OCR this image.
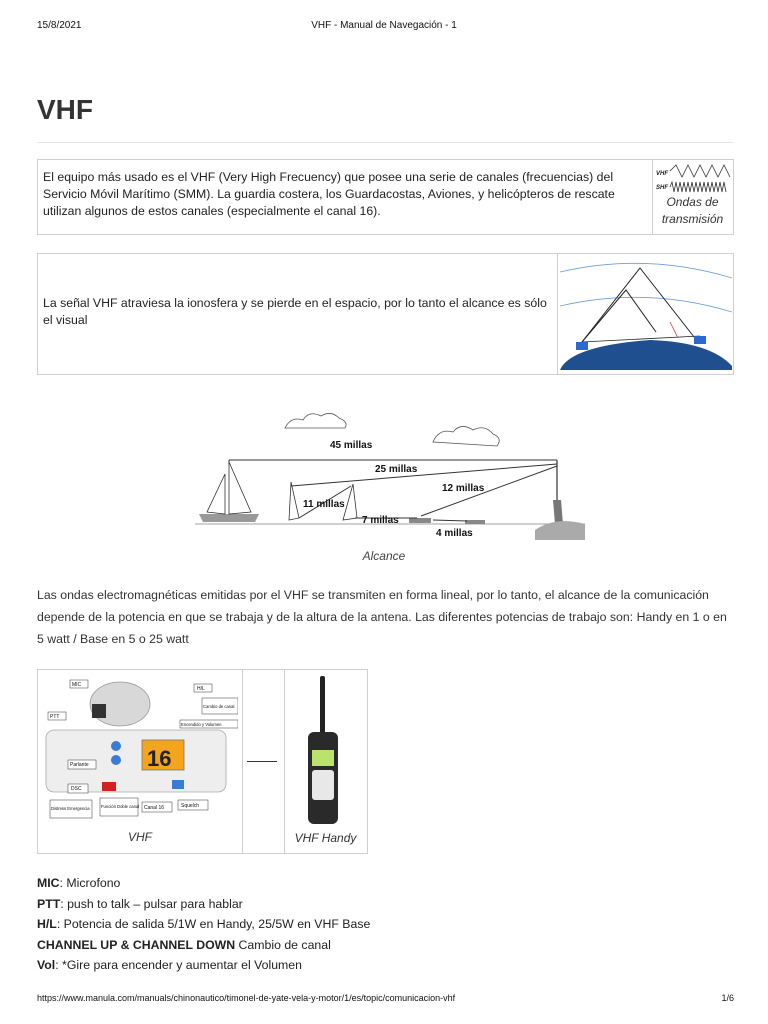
15/8/2021	VHF - Manual de Navegación - 1
VHF
El equipo más usado es el VHF (Very High Frecuency) que posee una serie de canales (frecuencias) del Servicio Móvil Marítimo (SMM). La guardia costera, los Guardacostas, Aviones, y helicópteros de rescate utilizan algunos de estos canales (especialmente el canal 16).
VHF
SHF
Ondas de transmisión
La señal VHF atraviesa la ionosfera y se pierde en el espacio, por lo tanto el alcance es sólo el visual
45 millas
25 millas
12 millas
11 millas
7 millas
4 millas
Alcance
Las ondas electromagnéticas emitidas por el VHF se transmiten en forma lineal, por lo tanto, el alcance de la comunicación depende de la potencia en que se trabaja y de la altura de la antena. Las diferentes potencias de trabajo son: Handy en 1 o en 5 watt / Base en 5 o 25 watt
16
MIC
H/L
PTT
Cambio de canal
Encendido y Volumen
Parlante
DSC
Distress Emergencia	Función Doble canal Canal 16	Squelch
VHF	VHF Handy
MIC: Microfono
PTT: push to talk – pulsar para hablar
H/L: Potencia de salida 5/1W en Handy, 25/5W en VHF Base
CHANNEL UP & CHANNEL DOWN Cambio de canal
Vol: *Gire para encender y aumentar el Volumen
https://www.manula.com/manuals/chinonautico/timonel-de-yate-vela-y-motor/1/es/topic/comunicacion-vhf	1/6
